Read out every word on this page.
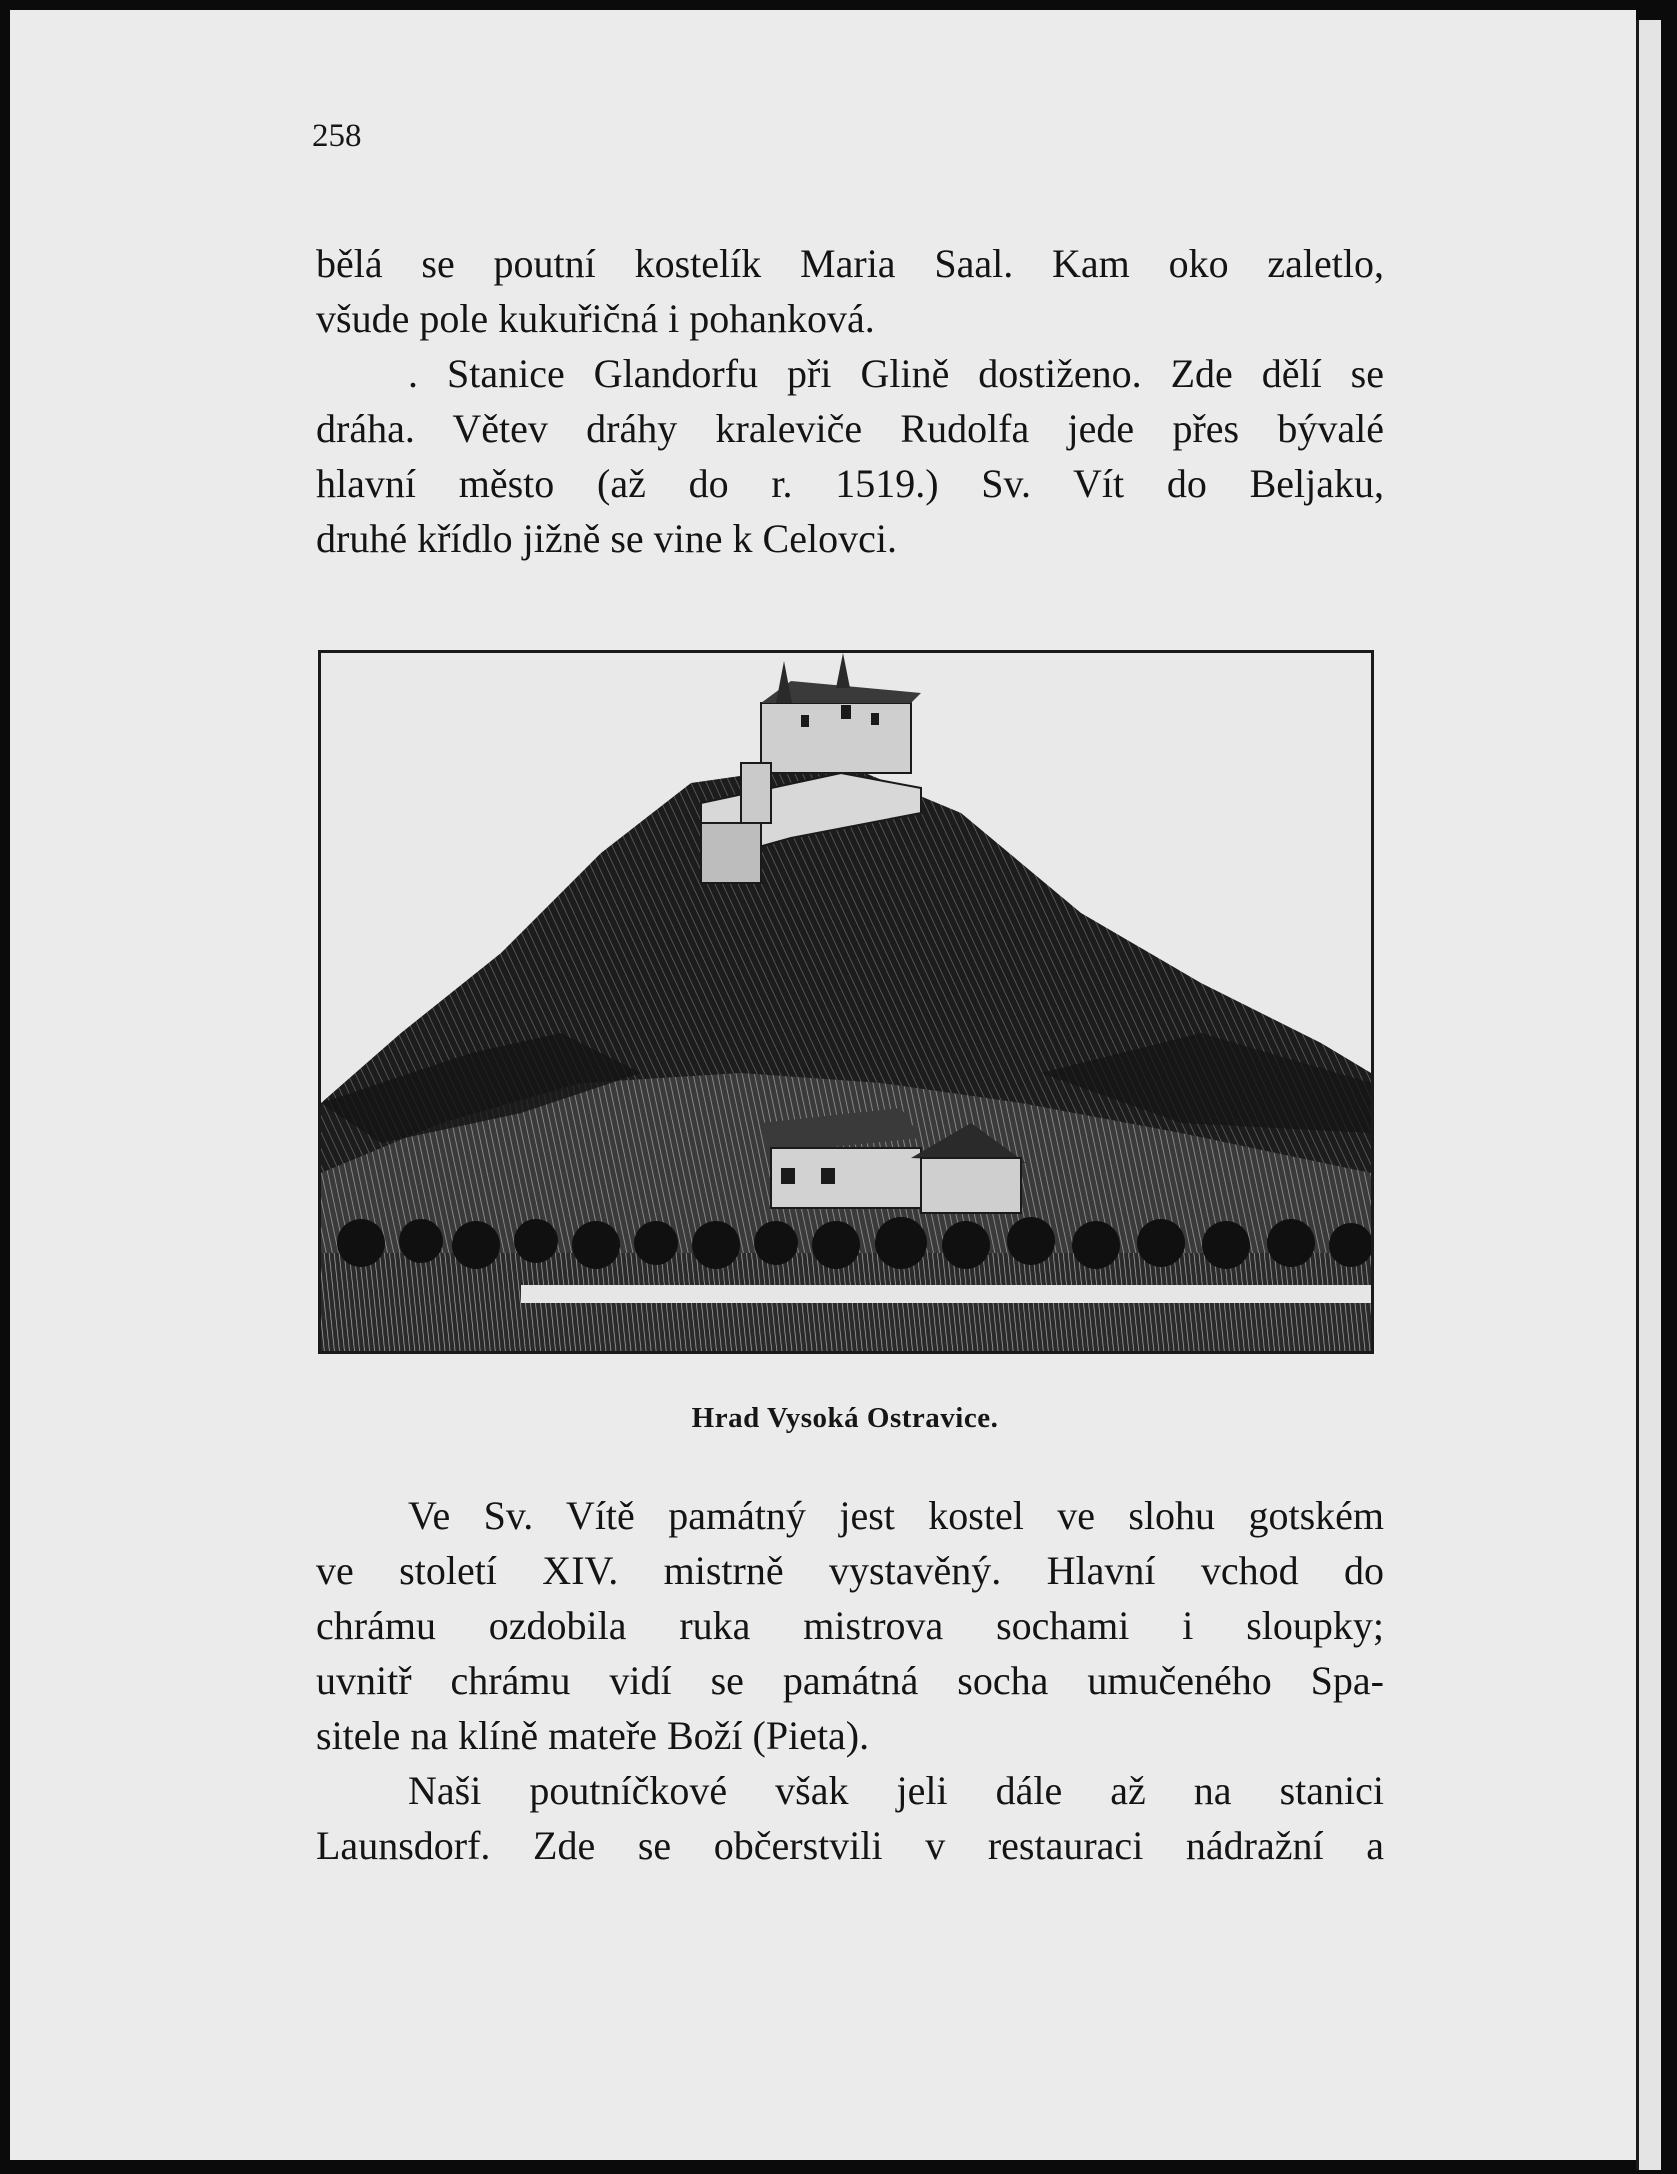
258
bělá se poutní kostelík Maria Saal. Kam oko zaletlo,
všude pole kukuřičná i pohanková.
. Stanice Glandorfu při Glině dostiženo. Zde dělí se
dráha. Větev dráhy kraleviče Rudolfa jede přes bývalé
hlavní město (až do r. 1519.) Sv. Vít do Beljaku,
druhé křídlo jižně se vine k Celovci.
Hrad Vysoká Ostravice.
Ve Sv. Vítě památný jest kostel ve slohu gotském
ve století XIV. mistrně vystavěný. Hlavní vchod do
chrámu ozdobila ruka mistrova sochami i sloupky;
uvnitř chrámu vidí se památná socha umučeného Spa-
sitele na klíně mateře Boží (Pieta).
Naši poutníčkové však jeli dále až na stanici
Launsdorf. Zde se občerstvili v restauraci nádražní a
